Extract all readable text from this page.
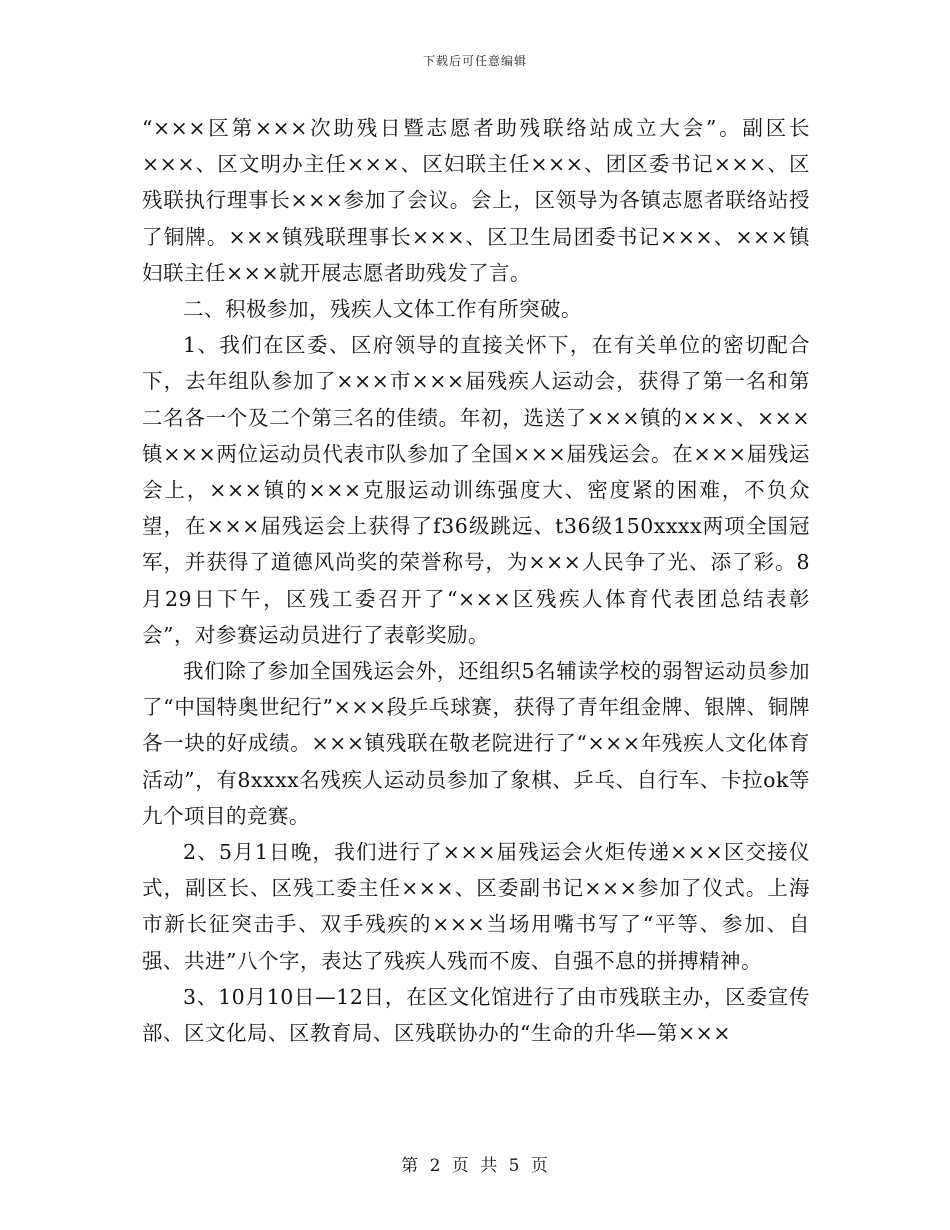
下载后可任意编辑

“×××区第×××次助残日暨志愿者助残联络站成立大会”。副区长×××、区文明办主任×××、区妇联主任×××、团区委书记×××、区残联执行理事长×××参加了会议。会上，区领导为各镇志愿者联络站授了铜牌。×××镇残联理事长×××、区卫生局团委书记×××、×××镇妇联主任×××就开展志愿者助残发了言。

二、积极参加，残疾人文体工作有所突破。

1、我们在区委、区府领导的直接关怀下，在有关单位的密切配合下，去年组队参加了×××市×××届残疾人运动会，获得了第一名和第二名各一个及二个第三名的佳绩。年初，选送了×××镇的×××、×××镇×××两位运动员代表市队参加了全国×××届残运会。在×××届残运会上，×××镇的×××克服运动训练强度大、密度紧的困难，不负众望，在×××届残运会上获得了f36级跳远、t36级150xxxx两项全国冠军，并获得了道德风尚奖的荣誉称号，为×××人民争了光、添了彩。8月29日下午，区残工委召开了“×××区残疾人体育代表团总结表彰会”，对参赛运动员进行了表彰奖励。

我们除了参加全国残运会外，还组织5名辅读学校的弱智运动员参加了“中国特奥世纪行”×××段乒乓球赛，获得了青年组金牌、银牌、铜牌各一块的好成绩。×××镇残联在敬老院进行了“×××年残疾人文化体育活动”，有8xxxx名残疾人运动员参加了象棋、乒乓、自行车、卡拉ok等九个项目的竞赛。

2、5月1日晚，我们进行了×××届残运会火炬传递×××区交接仪式，副区长、区残工委主任×××、区委副书记×××参加了仪式。上海市新长征突击手、双手残疾的×××当场用嘴书写了“平等、参加、自强、共进”八个字，表达了残疾人残而不废、自强不息的拼搏精神。

3、10月10日—12日，在区文化馆进行了由市残联主办，区委宣传部、区文化局、区教育局、区残联协办的“生命的升华—第×××

第 2 页 共 5 页
